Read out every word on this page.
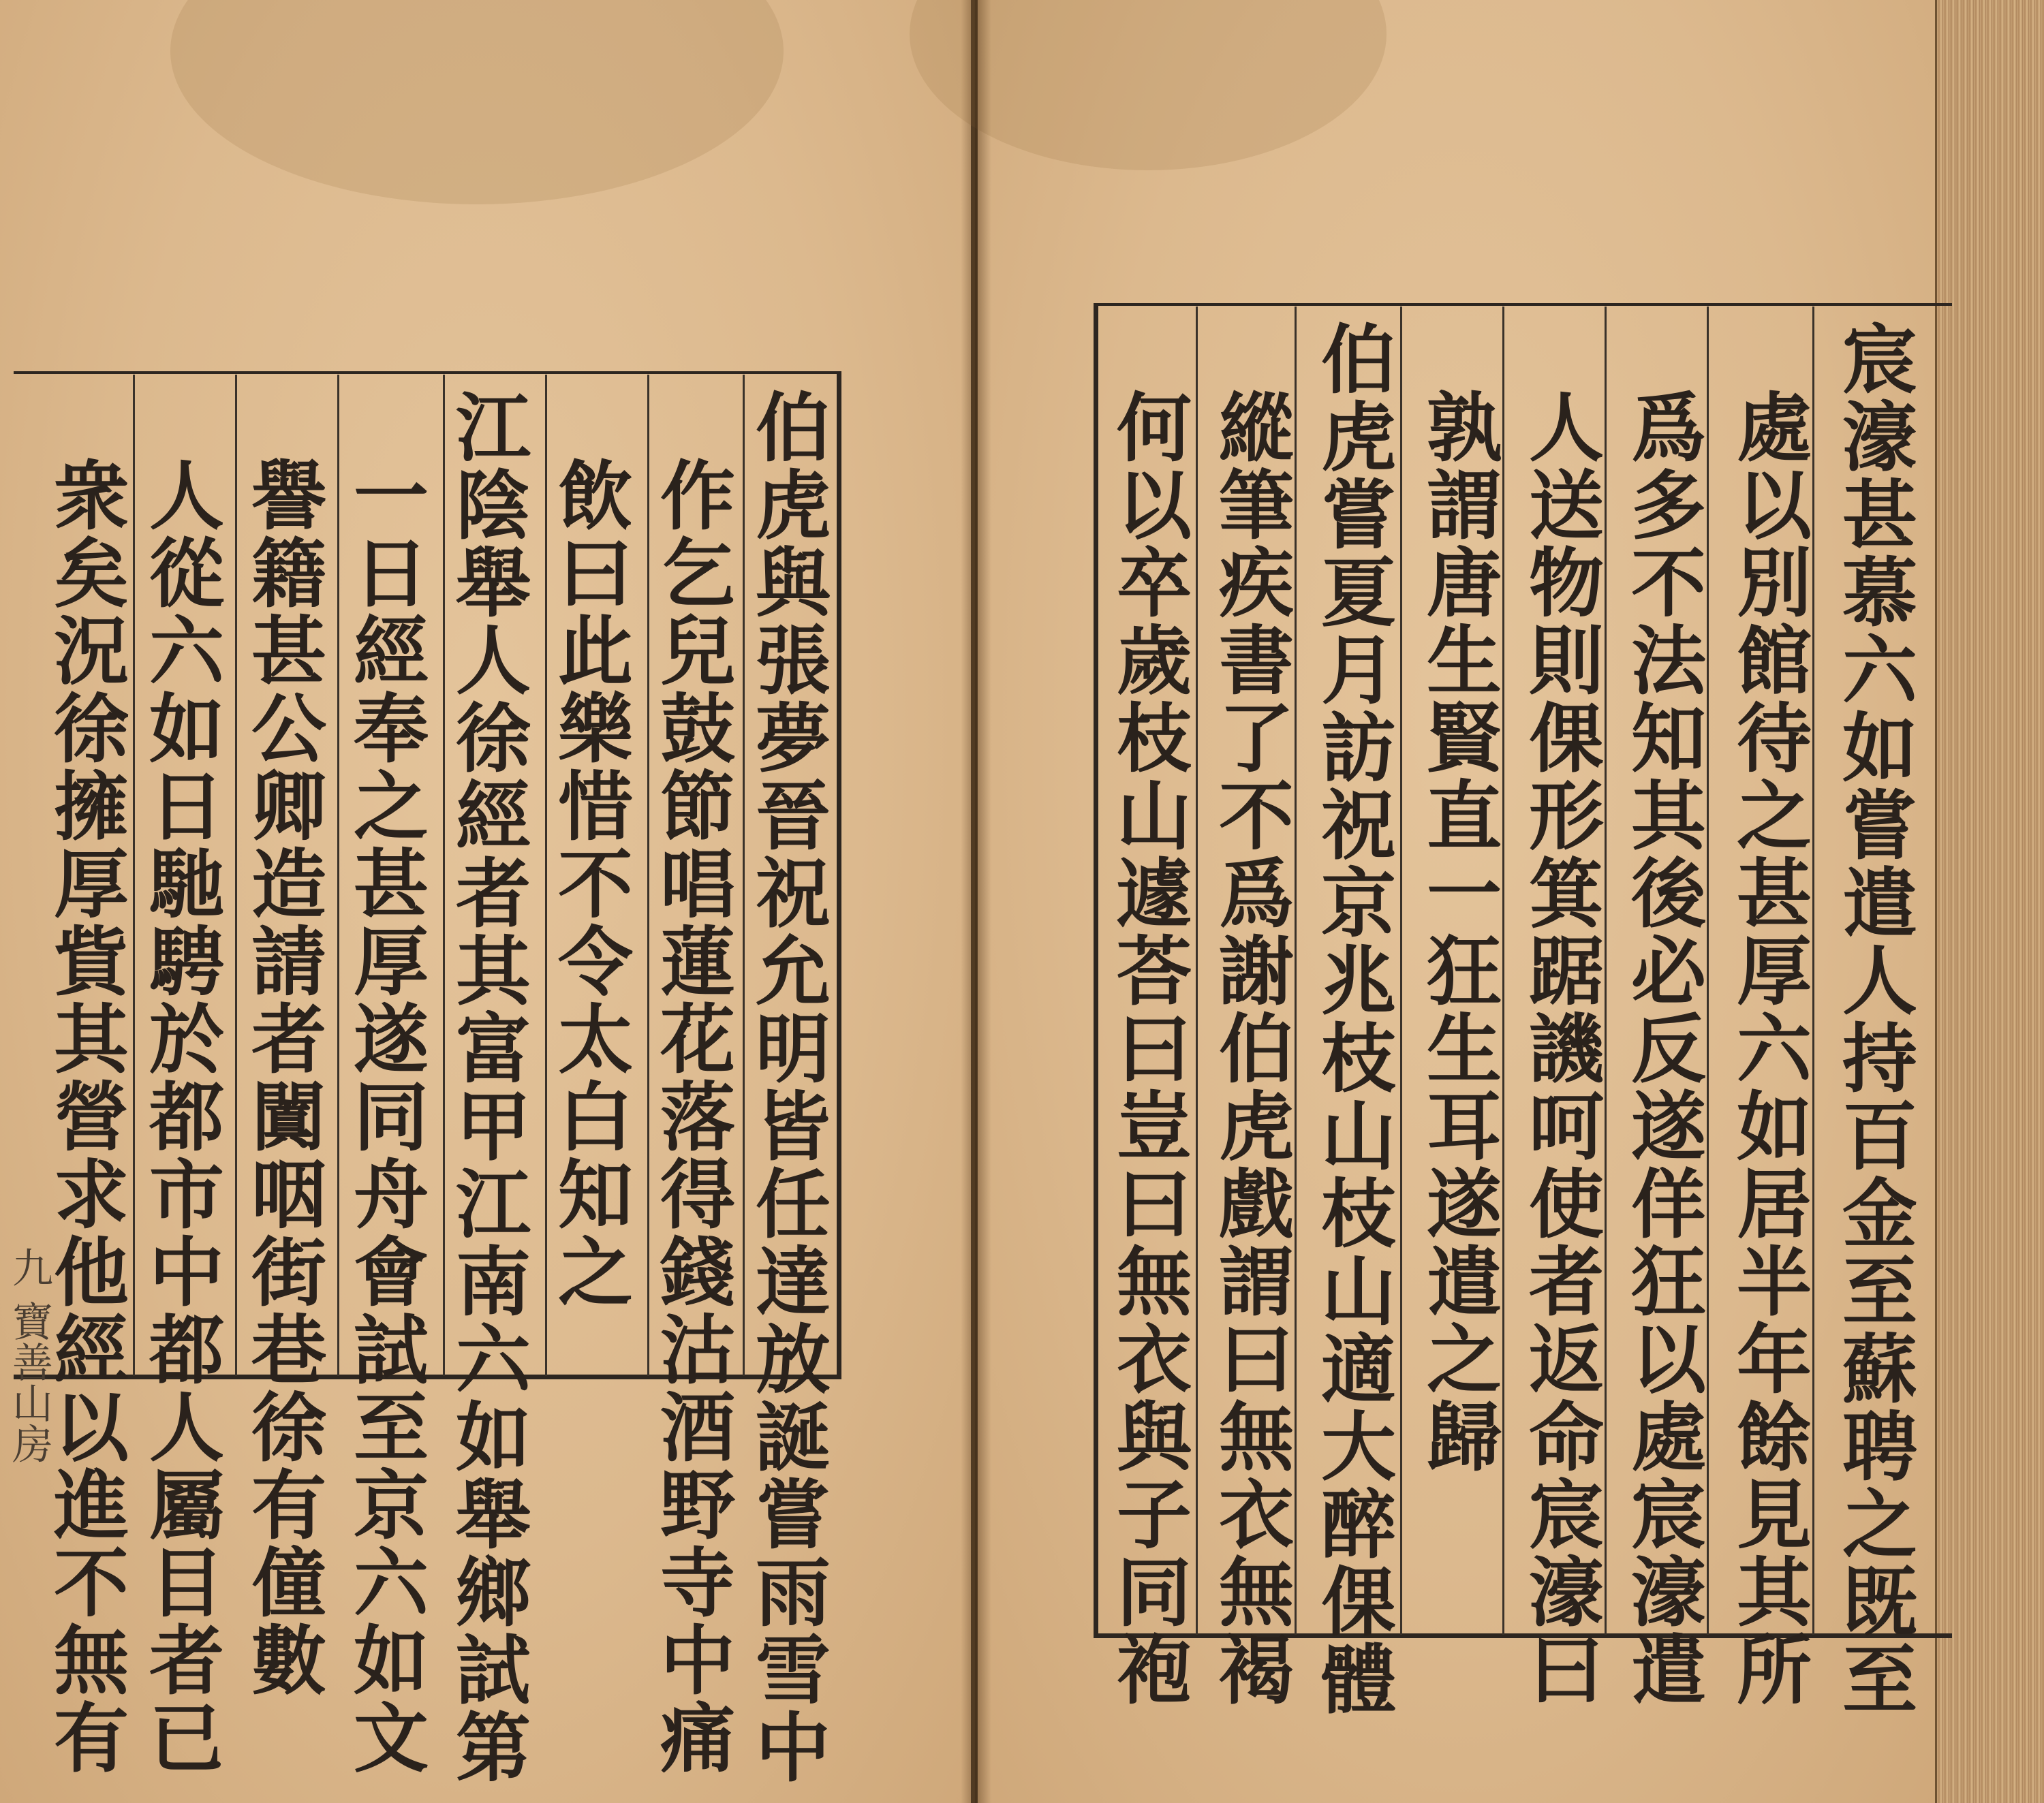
伯虎與張夢晉祝允明皆任達放誕嘗雨雪中
作乞兒鼓節唱蓮花落得錢沽酒野寺中痛
飲曰此樂惜不令太白知之
江陰舉人徐經者其富甲江南六如舉鄉試第
一日經奉之甚厚遂同舟會試至京六如文
譽籍甚公卿造請者闐咽街巷徐有僮數
人從六如日馳騁於都市中都人屬目者已
衆矣況徐擁厚貲其營求他經以進不無有
九 寶善山房	宸濠甚慕六如嘗遣人持百金至蘇聘之既至
處以別館待之甚厚六如居半年餘見其所
爲多不法知其後必反遂佯狂以處宸濠遣
人送物則倮形箕踞譏呵使者返命宸濠曰
孰謂唐生賢直一狂生耳遂遣之歸
伯虎嘗夏月訪祝京兆枝山枝山適大醉倮體
縱筆疾書了不爲謝伯虎戲謂曰無衣無褐
何以卒歲枝山遽荅曰豈曰無衣與子同袍
